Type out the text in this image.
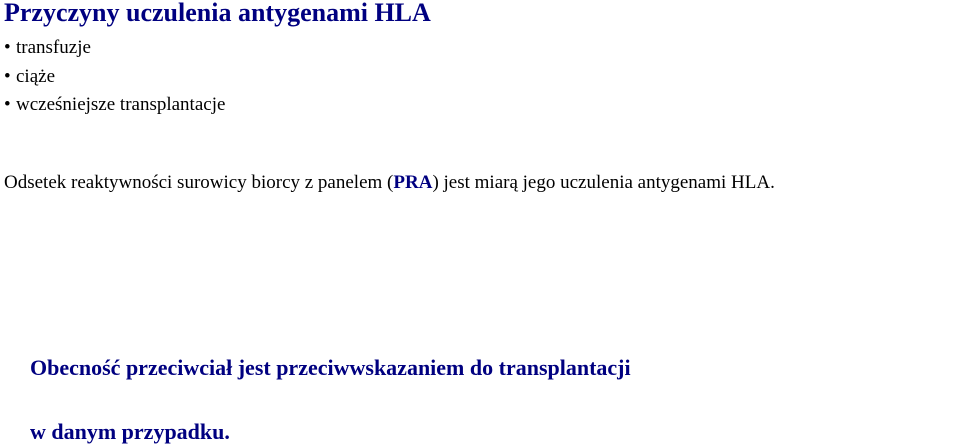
Przyczyny uczulenia antygenami HLA
• transfuzje
• ciąże
• wcześniejsze transplantacje

Odsetek reaktywności surowicy biorcy z panelem (PRA) jest miarą jego uczulenia antygenami HLA.

Obecność przeciwciał jest przeciwwskazaniem do transplantacji

w danym przypadku.
